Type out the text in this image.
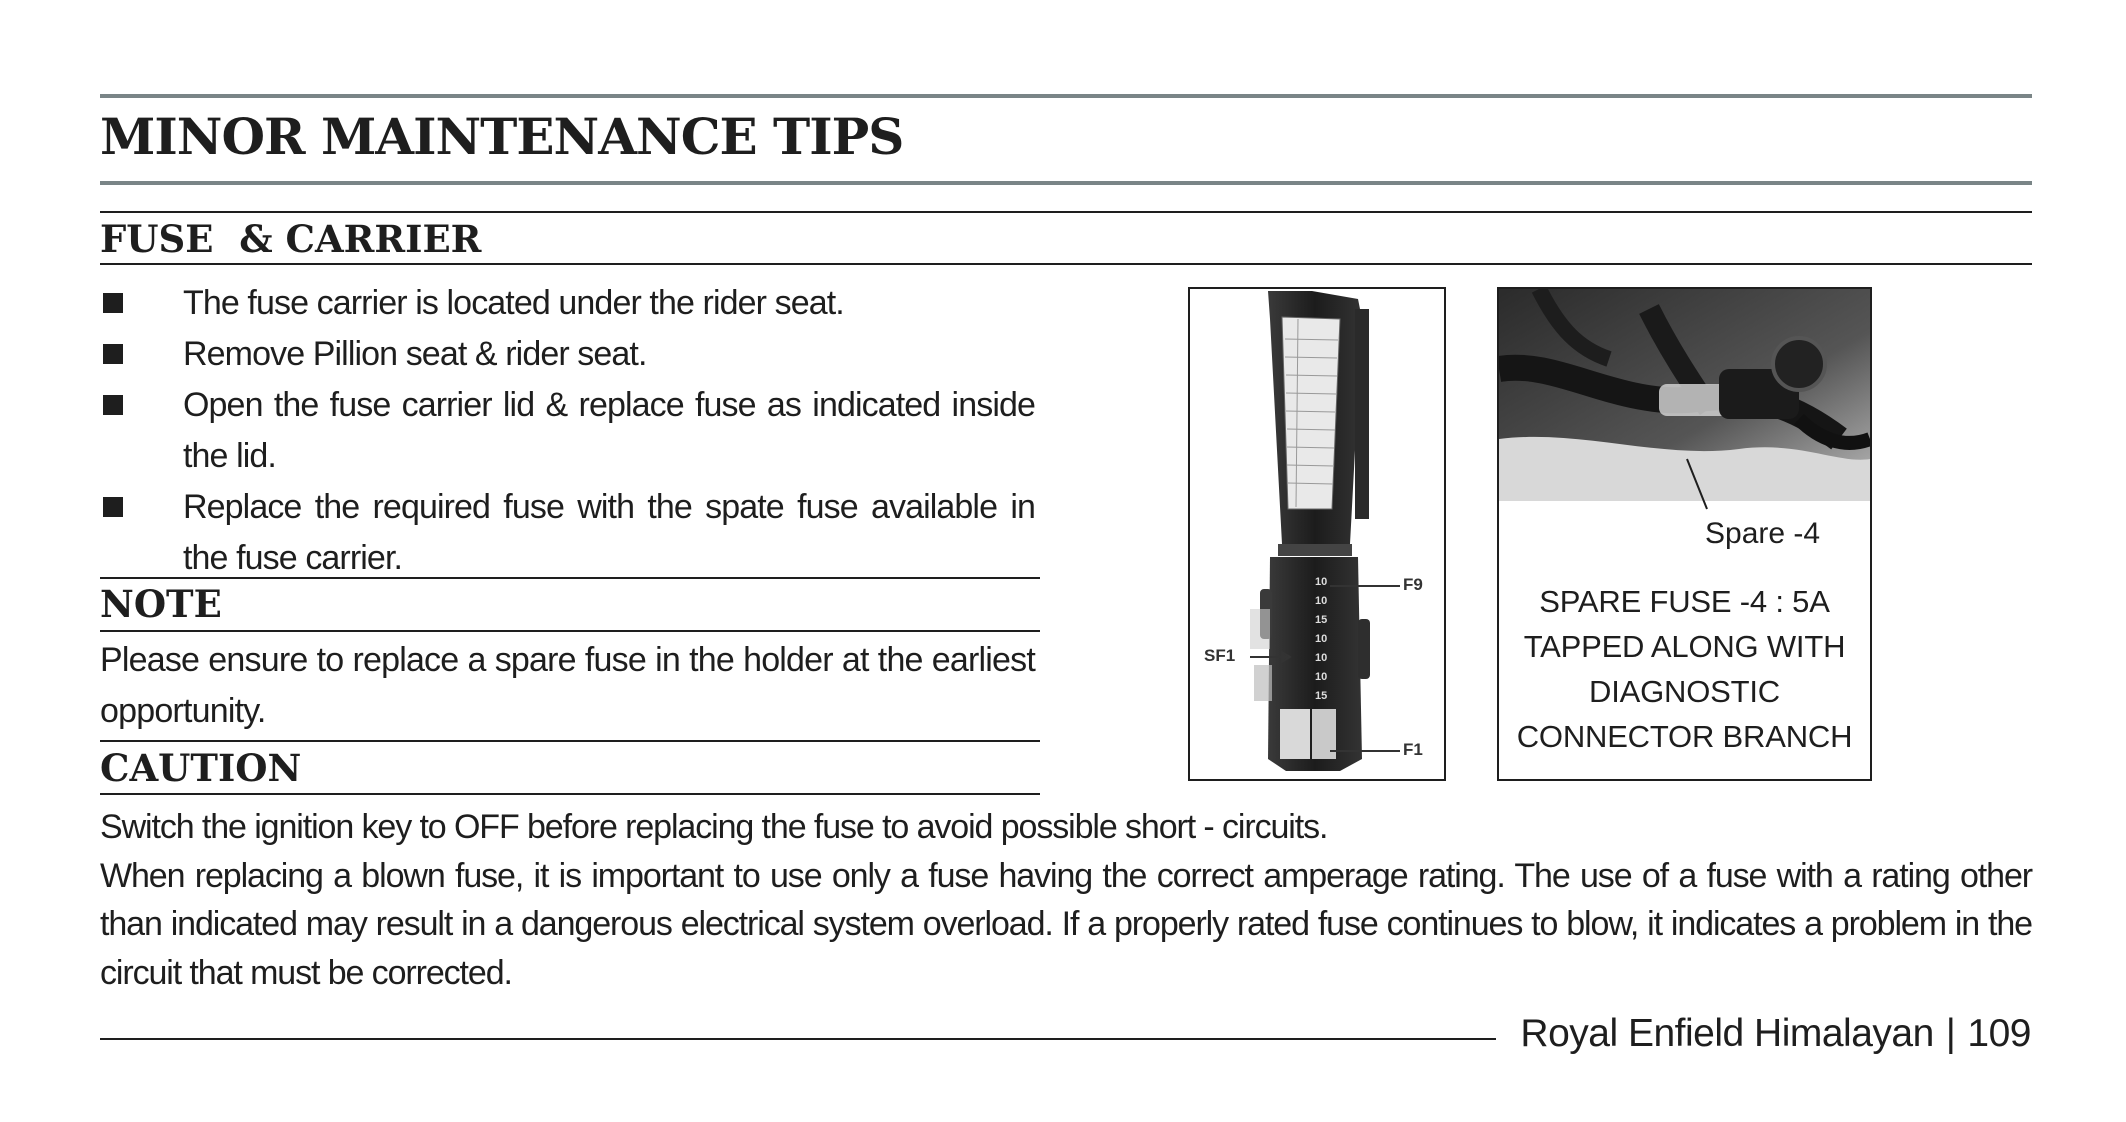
MINOR MAINTENANCE TIPS
FUSE  & CARRIER
The fuse carrier is located under the rider seat.
Remove Pillion seat & rider seat.
Open the fuse carrier lid & replace fuse as indicated inside the lid.
Replace the required fuse with the spate fuse available in the fuse carrier.
NOTE

Please ensure to replace a spare fuse in the holder at the earliest opportunity.

CAUTION
Switch the ignition key to OFF before replacing the fuse to avoid possible short - circuits.
When replacing a blown fuse, it is important to use only a fuse having the correct amperage rating. The use of a fuse with a rating other than indicated may result in a dangerous electrical system overload. If a properly rated fuse continues to blow, it indicates a problem in the circuit that must be corrected.
10
10
15
10
10
10
15
F9
SF1
F1
Spare -4
SPARE FUSE -4 : 5A
TAPPED ALONG WITH
DIAGNOSTIC
CONNECTOR BRANCH
Royal Enfield Himalayan | 109
